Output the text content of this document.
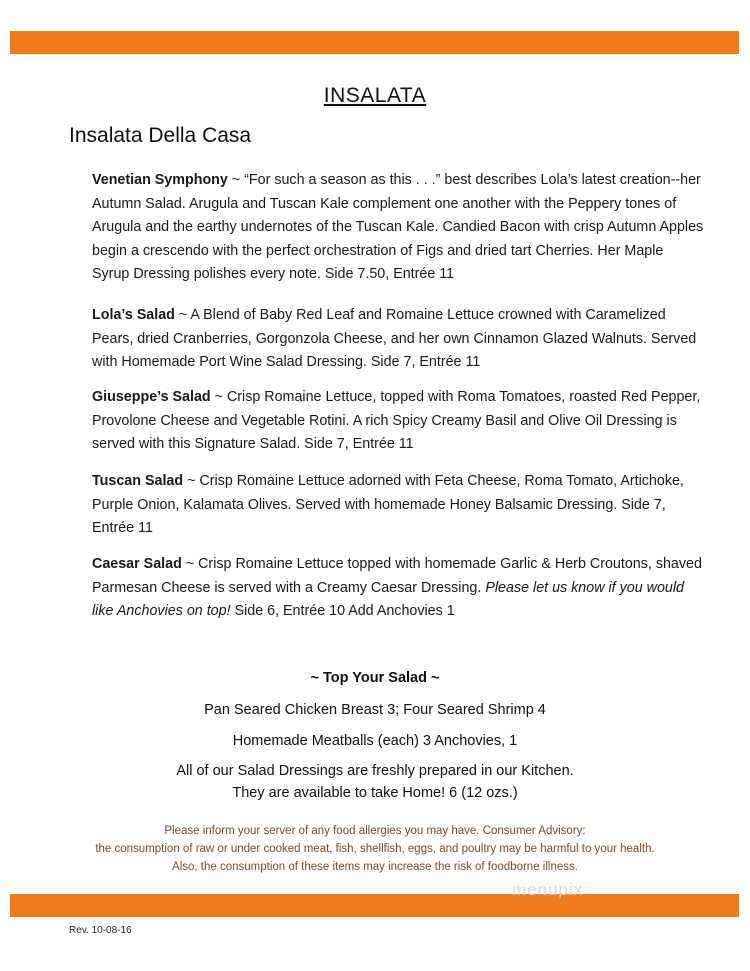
INSALATA
Insalata Della Casa
Venetian Symphony ~ “For such a season as this . . .” best describes Lola’s latest creation--her Autumn Salad. Arugula and Tuscan Kale complement one another with the Peppery tones of Arugula and the earthy undernotes of the Tuscan Kale. Candied Bacon with crisp Autumn Apples begin a crescendo with the perfect orchestration of Figs and dried tart Cherries. Her Maple Syrup Dressing polishes every note. Side 7.50, Entrée 11
Lola’s Salad ~ A Blend of Baby Red Leaf and Romaine Lettuce crowned with Caramelized Pears, dried Cranberries, Gorgonzola Cheese, and her own Cinnamon Glazed Walnuts. Served with Homemade Port Wine Salad Dressing. Side 7, Entrée 11
Giuseppe’s Salad ~ Crisp Romaine Lettuce, topped with Roma Tomatoes, roasted Red Pepper, Provolone Cheese and Vegetable Rotini. A rich Spicy Creamy Basil and Olive Oil Dressing is served with this Signature Salad. Side 7, Entrée 11
Tuscan Salad ~ Crisp Romaine Lettuce adorned with Feta Cheese, Roma Tomato, Artichoke, Purple Onion, Kalamata Olives. Served with homemade Honey Balsamic Dressing. Side 7, Entrée 11
Caesar Salad ~ Crisp Romaine Lettuce topped with homemade Garlic & Herb Croutons, shaved Parmesan Cheese is served with a Creamy Caesar Dressing. Please let us know if you would like Anchovies on top! Side 6, Entrée 10 Add Anchovies 1
~ Top Your Salad ~
Pan Seared Chicken Breast 3; Four Seared Shrimp 4
Homemade Meatballs (each) 3 Anchovies, 1
All of our Salad Dressings are freshly prepared in our Kitchen.
They are available to take Home! 6 (12 ozs.)
Please inform your server of any food allergies you may have. Consumer Advisory:
the consumption of raw or under cooked meat, fish, shellfish, eggs, and poultry may be harmful to your health.
Also, the consumption of these items may increase the risk of foodborne illness.
menupix
Rev. 10-08-16
